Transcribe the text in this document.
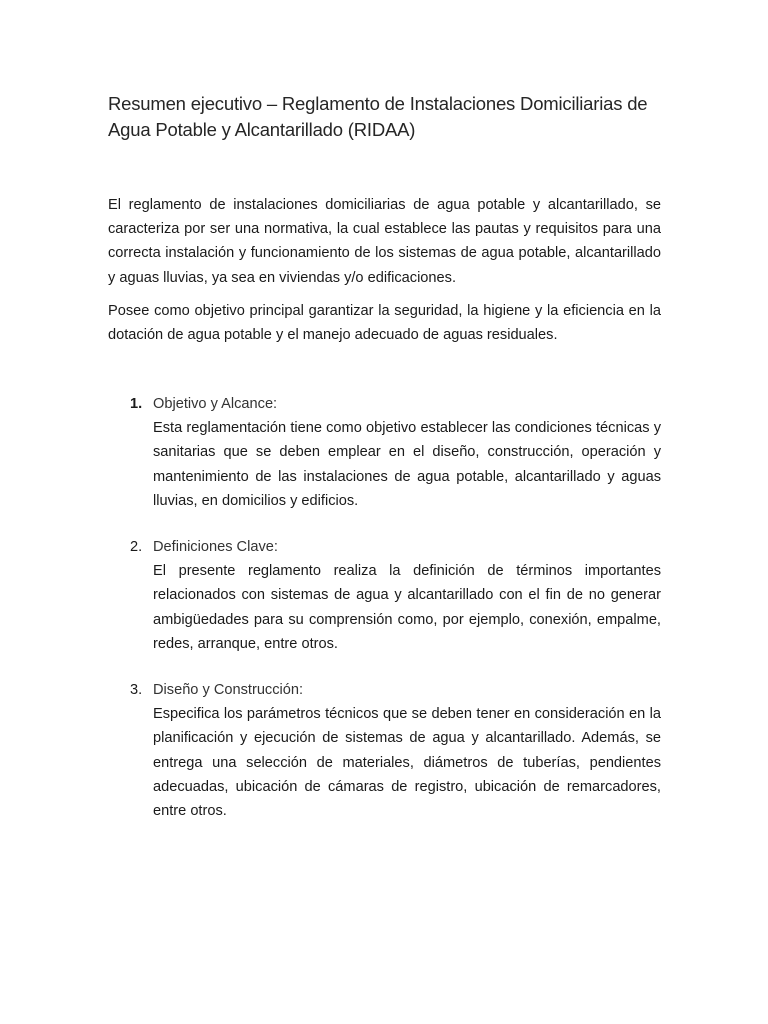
Resumen ejecutivo – Reglamento de Instalaciones Domiciliarias de Agua Potable y Alcantarillado (RIDAA)
El reglamento de instalaciones domiciliarias de agua potable y alcantarillado, se caracteriza por ser una normativa, la cual establece las pautas y requisitos para una correcta instalación y funcionamiento de los sistemas de agua potable, alcantarillado y aguas lluvias, ya sea en viviendas y/o edificaciones.
Posee como objetivo principal garantizar la seguridad, la higiene y la eficiencia en la dotación de agua potable y el manejo adecuado de aguas residuales.
1. Objetivo y Alcance:
Esta reglamentación tiene como objetivo establecer las condiciones técnicas y sanitarias que se deben emplear en el diseño, construcción, operación y mantenimiento de las instalaciones de agua potable, alcantarillado y aguas lluvias, en domicilios y edificios.
2. Definiciones Clave:
El presente reglamento realiza la definición de términos importantes relacionados con sistemas de agua y alcantarillado con el fin de no generar ambigüedades para su comprensión como, por ejemplo, conexión, empalme, redes, arranque, entre otros.
3. Diseño y Construcción:
Especifica los parámetros técnicos que se deben tener en consideración en la planificación y ejecución de sistemas de agua y alcantarillado. Además, se entrega una selección de materiales, diámetros de tuberías, pendientes adecuadas, ubicación de cámaras de registro, ubicación de remarcadores, entre otros.
